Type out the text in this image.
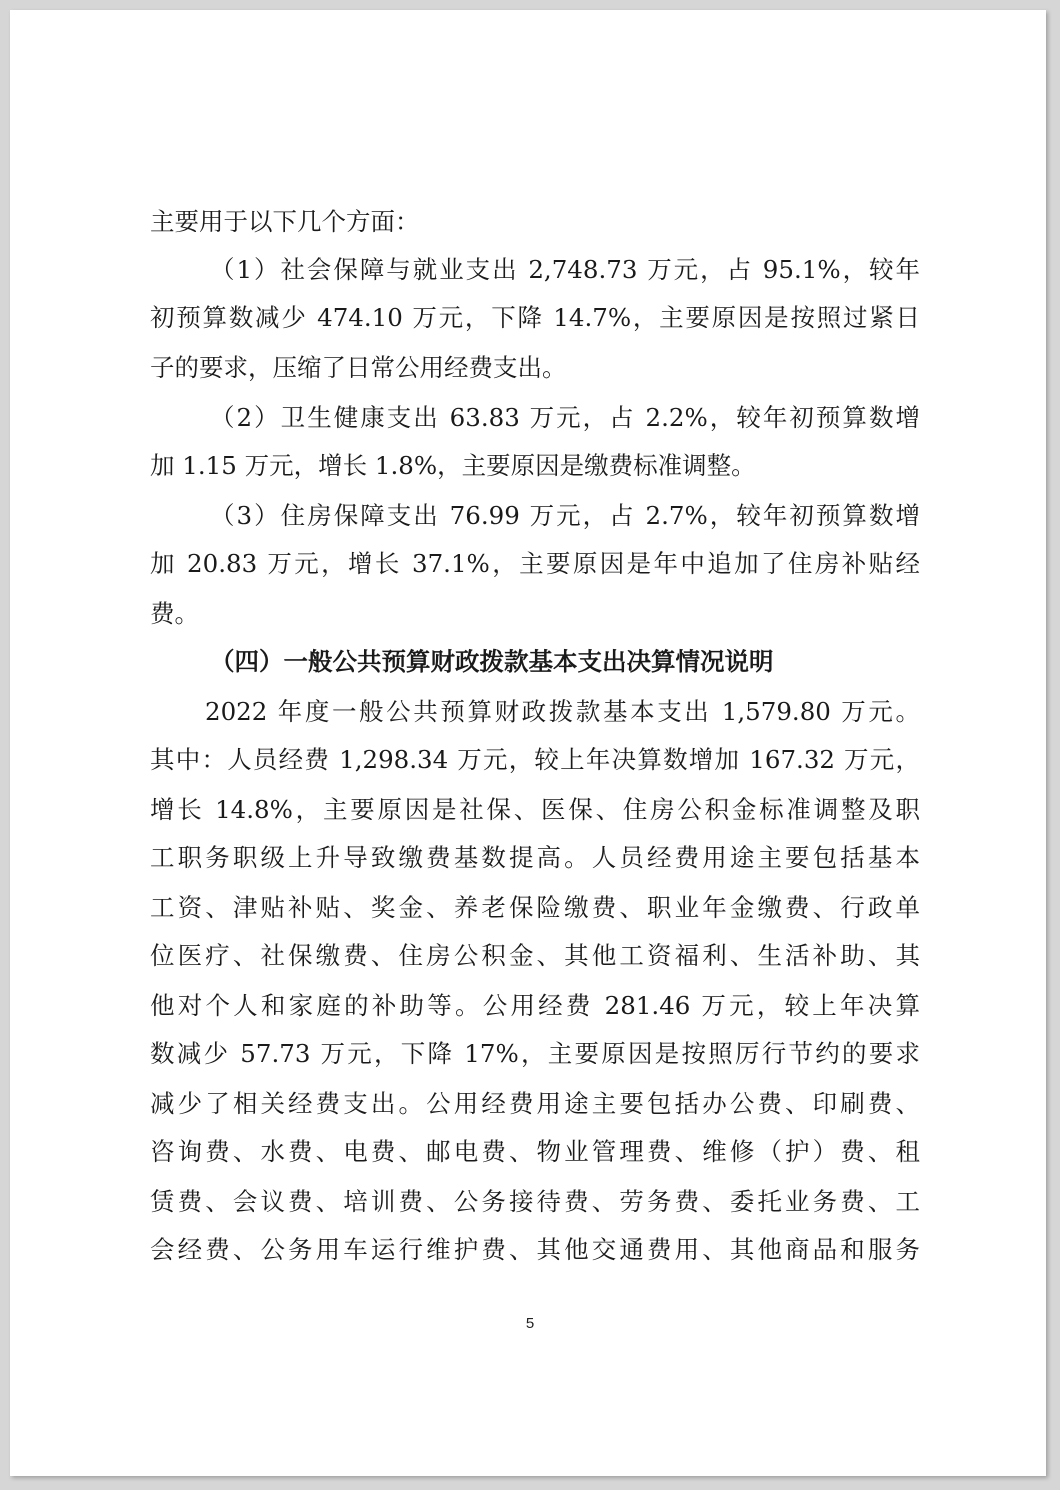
主要用于以下几个方面：
（1）社会保障与就业支出 2,748.73 万元，占 95.1%，较年
初预算数减少 474.10 万元，下降 14.7%，主要原因是按照过紧日
子的要求，压缩了日常公用经费支出。
（2）卫生健康支出 63.83 万元，占 2.2%，较年初预算数增
加 1.15 万元，增长 1.8%，主要原因是缴费标准调整。
（3）住房保障支出 76.99 万元，占 2.7%，较年初预算数增
加 20.83 万元，增长 37.1%，主要原因是年中追加了住房补贴经
费。
（四）一般公共预算财政拨款基本支出决算情况说明
2022 年度一般公共预算财政拨款基本支出 1,579.80 万元。
其中：人员经费 1,298.34 万元，较上年决算数增加 167.32 万元，
增长 14.8%，主要原因是社保、医保、住房公积金标准调整及职
工职务职级上升导致缴费基数提高。人员经费用途主要包括基本
工资、津贴补贴、奖金、养老保险缴费、职业年金缴费、行政单
位医疗、社保缴费、住房公积金、其他工资福利、生活补助、其
他对个人和家庭的补助等。公用经费 281.46 万元，较上年决算
数减少 57.73 万元，下降 17%，主要原因是按照厉行节约的要求
减少了相关经费支出。公用经费用途主要包括办公费、印刷费、
咨询费、水费、电费、邮电费、物业管理费、维修（护）费、租
赁费、会议费、培训费、公务接待费、劳务费、委托业务费、工
会经费、公务用车运行维护费、其他交通费用、其他商品和服务
5
